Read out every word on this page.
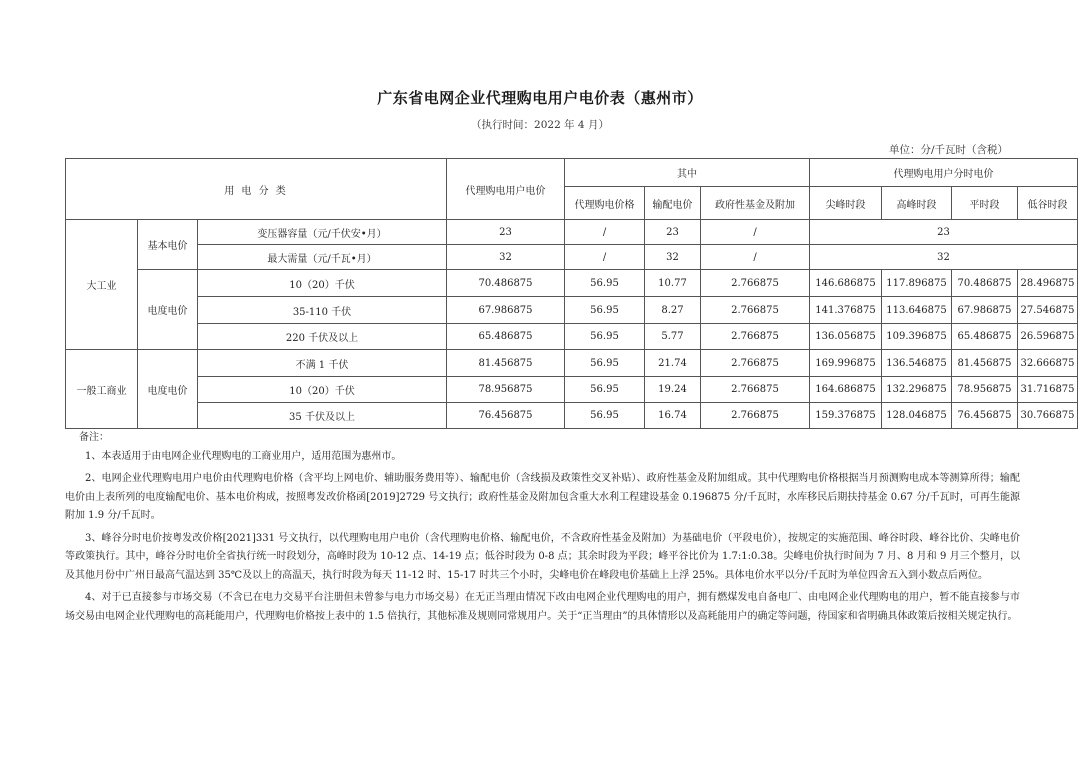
广东省电网企业代理购电用户电价表（惠州市）
（执行时间：2022 年 4 月）
单位：分/千瓦时（含税）
用 电 分 类			代理购电用户电价	其中			代理购电用户分时电价			
				代理购电价格	输配电价	政府性基金及附加	尖峰时段	高峰时段	平时段	低谷时段
大工业	基本电价	变压器容量（元/千伏安•月）	23	/	23	/	23			
		最大需量（元/千瓦•月）	32	/	32	/	32			
	电度电价	10（20）千伏	70.486875	56.95	10.77	2.766875	146.686875	117.896875	70.486875	28.496875
		35-110 千伏	67.986875	56.95	8.27	2.766875	141.376875	113.646875	67.986875	27.546875
		220 千伏及以上	65.486875	56.95	5.77	2.766875	136.056875	109.396875	65.486875	26.596875
一般工商业	电度电价	不满 1 千伏	81.456875	56.95	21.74	2.766875	169.996875	136.546875	81.456875	32.666875
		10（20）千伏	78.956875	56.95	19.24	2.766875	164.686875	132.296875	78.956875	31.716875
		35 千伏及以上	76.456875	56.95	16.74	2.766875	159.376875	128.046875	76.456875	30.766875

备注：

1、本表适用于由电网企业代理购电的工商业用户，适用范围为惠州市。

2、电网企业代理购电用户电价由代理购电价格（含平均上网电价、辅助服务费用等）、输配电价（含线损及政策性交叉补贴）、政府性基金及附加组成。其中代理购电价格根据当月预测购电成本等测算所得；输配电价由上表所列的电度输配电价、基本电价构成，按照粤发改价格函[2019]2729 号文执行；政府性基金及附加包含重大水利工程建设基金 0.196875 分/千瓦时，水库移民后期扶持基金 0.67 分/千瓦时，可再生能源附加 1.9 分/千瓦时。

3、峰谷分时电价按粤发改价格[2021]331 号文执行，以代理购电用户电价（含代理购电价格、输配电价，不含政府性基金及附加）为基础电价（平段电价），按规定的实施范围、峰谷时段、峰谷比价、尖峰电价等政策执行。其中，峰谷分时电价全省执行统一时段划分，高峰时段为 10-12 点、14-19 点；低谷时段为 0-8 点；其余时段为平段；峰平谷比价为 1.7:1:0.38。尖峰电价执行时间为 7 月、8 月和 9 月三个整月，以及其他月份中广州日最高气温达到 35℃及以上的高温天，执行时段为每天 11-12 时、15-17 时共三个小时，尖峰电价在峰段电价基础上上浮 25%。具体电价水平以分/千瓦时为单位四舍五入到小数点后两位。

4、对于已直接参与市场交易（不含已在电力交易平台注册但未曾参与电力市场交易）在无正当理由情况下改由电网企业代理购电的用户，拥有燃煤发电自备电厂、由电网企业代理购电的用户，暂不能直接参与市场交易由电网企业代理购电的高耗能用户，代理购电价格按上表中的 1.5 倍执行，其他标准及规则同常规用户。关于“正当理由”的具体情形以及高耗能用户的确定等问题，待国家和省明确具体政策后按相关规定执行。
